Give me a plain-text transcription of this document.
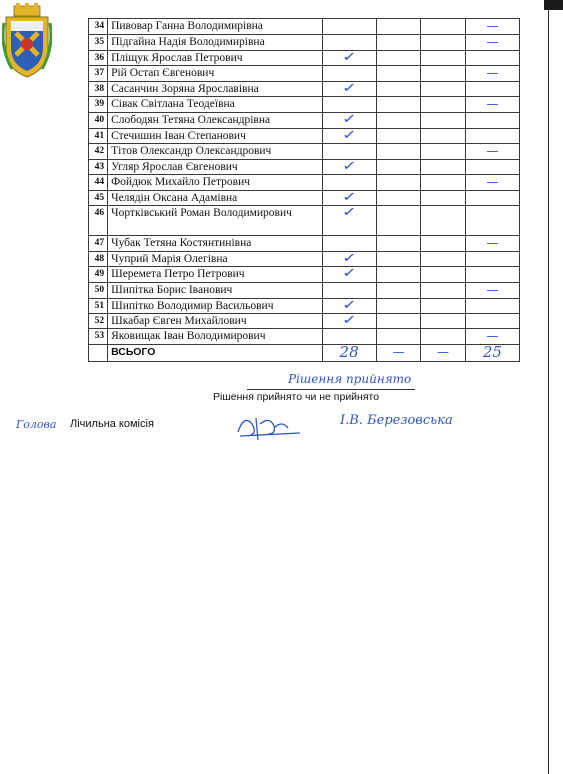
34	Пивовар Ганна Володимирівна				—
35	Підгайна Надія Володимирівна				—
36	Пліщук Ярослав Петрович	✓			
37	Рій Остап Євгенович				—
38	Сасанчин Зоряна Ярославівна	✓			
39	Сівак Світлана Теодеївна				—
40	Слободян Тетяна Олександрівна	✓			
41	Стечишин Іван Степанович	✓			
42	Тітов Олександр Олександрович				—
43	Угляр Ярослав Євгенович	✓			
44	Фойдюк Михайло Петрович				—
45	Челядін Оксана Адамівна	✓			
46	Чортківський Роман Володимирович	✓			
47	Чубак Тетяна Костянтинівна				—
48	Чуприй Марія Олегівна	✓			
49	Шеремета Петро Петрович	✓			
50	Шипітка Борис Іванович				—
51	Шипітко Володимир Васильович	✓			
52	Шкабар Євген Михайлович	✓			
53	Яковищак Іван Володимирович				—
	ВСЬОГО	28	—	—	25
Рішення прийнято
Рішення прийнято чи не прийнято
Голова Лічильна комісія	І.В. Березовська
